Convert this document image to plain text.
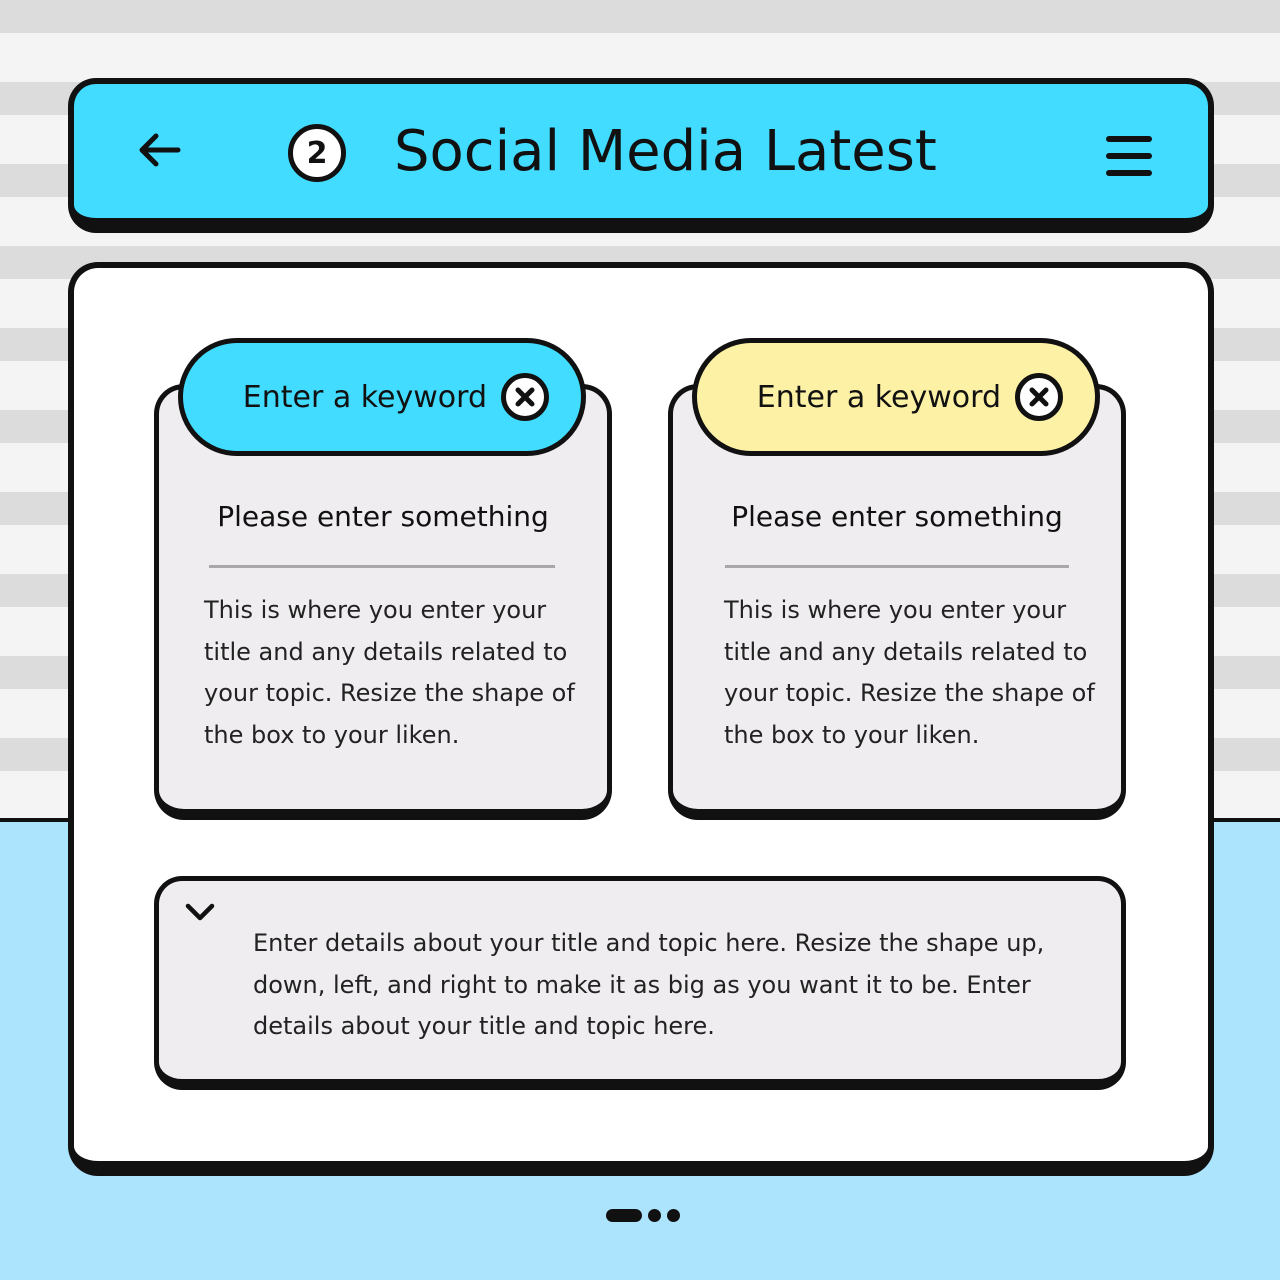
2	Social Media Latest
Enter a keyword
Please enter something
This is where you enter your title and any details related to your topic. Resize the shape of the box to your liken.
Enter a keyword
Please enter something
This is where you enter your title and any details related to your topic. Resize the shape of the box to your liken.
Enter details about your title and topic here. Resize the shape up, down, left, and right to make it as big as you want it to be. Enter details about your title and topic here.
